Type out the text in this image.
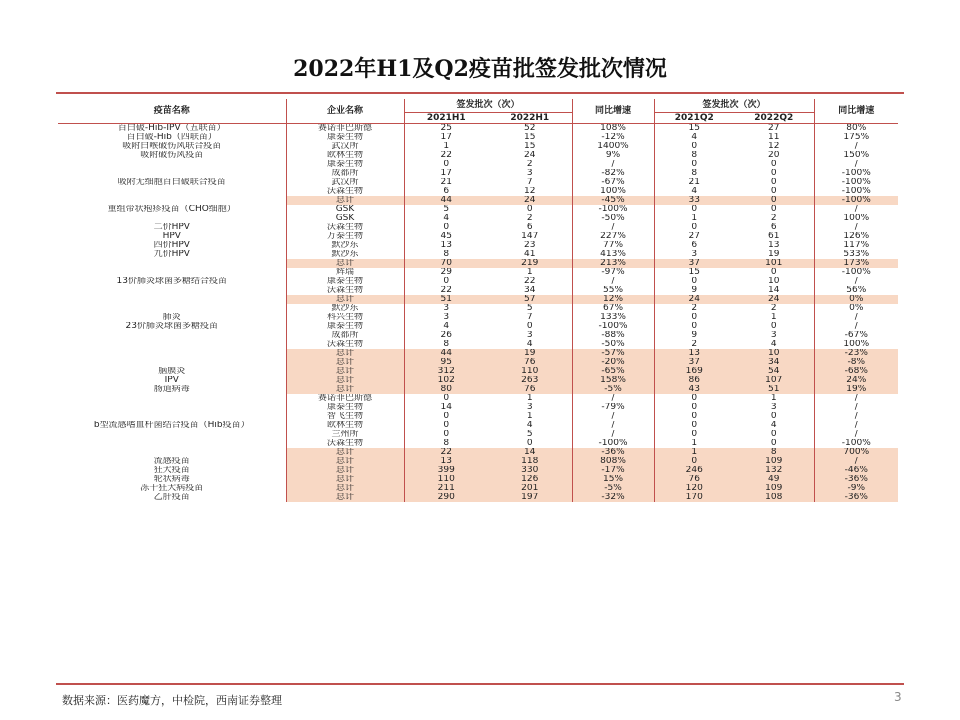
2022年H1及Q2疫苗批签发批次情况
疫苗名称	企业名称	签发批次（次）		同比增速	签发批次（次）		同比增速
		2021H1	2022H1		2021Q2	2022Q2	
百白破-Hib-IPV（五联苗）	赛诺菲巴斯德	25	52	108%	15	27	80%
百白破-Hib（四联苗）	康泰生物	17	15	-12%	4	11	175%
吸附白喉破伤风联合疫苗	武汉所	1	15	1400%	0	12	/
吸附破伤风疫苗	欧林生物	22	24	9%	8	20	150%
	康泰生物	0	2	/	0	0	/
	成都所	17	3	-82%	8	0	-100%
吸附无细胞百白破联合疫苗	武汉所	21	7	-67%	21	0	-100%
	沃森生物	6	12	100%	4	0	-100%
	总计	44	24	-45%	33	0	-100%
重组带状疱疹疫苗（CHO细胞）	GSK	5	0	-100%	0	0	/
	GSK	4	2	-50%	1	2	100%
二价HPV	沃森生物	0	6	/	0	6	/
HPV	万泰生物	45	147	227%	27	61	126%
四价HPV	默沙东	13	23	77%	6	13	117%
九价HPV	默沙东	8	41	413%	3	19	533%
	总计	70	219	213%	37	101	173%
	辉瑞	29	1	-97%	15	0	-100%
13价肺炎球菌多糖结合疫苗	康泰生物	0	22	/	0	10	/
	沃森生物	22	34	55%	9	14	56%
	总计	51	57	12%	24	24	0%
	默沙东	3	5	67%	2	2	0%
肺炎	科兴生物	3	7	133%	0	1	/
23价肺炎球菌多糖疫苗	康泰生物	4	0	-100%	0	0	/
	成都所	26	3	-88%	9	3	-67%
	沃森生物	8	4	-50%	2	4	100%
	总计	44	19	-57%	13	10	-23%
	总计	95	76	-20%	37	34	-8%
脑膜炎	总计	312	110	-65%	169	54	-68%
IPV	总计	102	263	158%	86	107	24%
肠道病毒	总计	80	76	-5%	43	51	19%
	赛诺菲巴斯德	0	1	/	0	1	/
	康泰生物	14	3	-79%	0	3	/
	智飞生物	0	1	/	0	0	/
b型流感嗜血杆菌结合疫苗（Hib疫苗）	欧林生物	0	4	/	0	4	/
	兰州所	0	5	/	0	0	/
	沃森生物	8	0	-100%	1	0	-100%
	总计	22	14	-36%	1	8	700%
流感疫苗	总计	13	118	808%	0	109	/
狂犬疫苗	总计	399	330	-17%	246	132	-46%
轮状病毒	总计	110	126	15%	76	49	-36%
冻干狂犬病疫苗	总计	211	201	-5%	120	109	-9%
乙肝疫苗	总计	290	197	-32%	170	108	-36%
数据来源：医药魔方，中检院，西南证券整理	3
